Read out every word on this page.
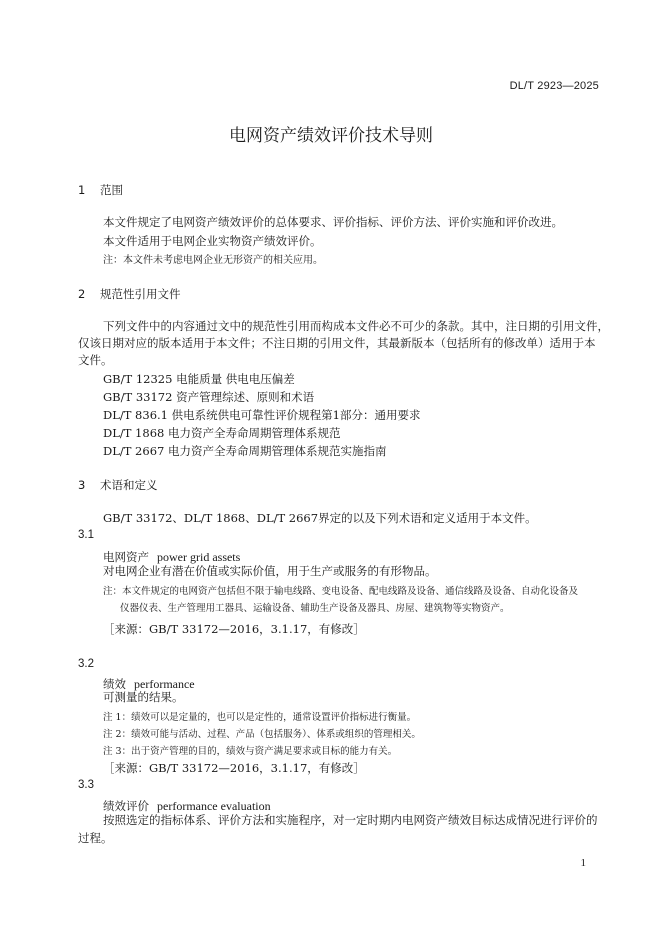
DL/T 2923—2025
电网资产绩效评价技术导则
1 范围
本文件规定了电网资产绩效评价的总体要求、评价指标、评价方法、评价实施和评价改进。
本文件适用于电网企业实物资产绩效评价。
注：本文件未考虑电网企业无形资产的相关应用。
2 规范性引用文件
下列文件中的内容通过文中的规范性引用而构成本文件必不可少的条款。其中，注日期的引用文件，
仅该日期对应的版本适用于本文件；不注日期的引用文件，其最新版本（包括所有的修改单）适用于本
文件。
GB/T 12325 电能质量 供电电压偏差
GB/T 33172 资产管理综述、原则和术语
DL/T 836.1 供电系统供电可靠性评价规程第1部分：通用要求
DL/T 1868 电力资产全寿命周期管理体系规范
DL/T 2667 电力资产全寿命周期管理体系规范实施指南
3 术语和定义
GB/T 33172、DL/T 1868、DL/T 2667界定的以及下列术语和定义适用于本文件。
3.1
电网资产 power grid assets
对电网企业有潜在价值或实际价值，用于生产或服务的有形物品。
注：本文件规定的电网资产包括但不限于输电线路、变电设备、配电线路及设备、通信线路及设备、自动化设备及
仪器仪表、生产管理用工器具、运输设备、辅助生产设备及器具、房屋、建筑物等实物资产。
［来源：GB/T 33172—2016，3.1.17，有修改］
3.2
绩效 performance
可测量的结果。
注 1：绩效可以是定量的，也可以是定性的，通常设置评价指标进行衡量。
注 2：绩效可能与活动、过程、产品（包括服务）、体系或组织的管理相关。
注 3：出于资产管理的目的，绩效与资产满足要求或目标的能力有关。
［来源：GB/T 33172—2016，3.1.17，有修改］
3.3
绩效评价 performance evaluation
按照选定的指标体系、评价方法和实施程序，对一定时期内电网资产绩效目标达成情况进行评价的
过程。
1
